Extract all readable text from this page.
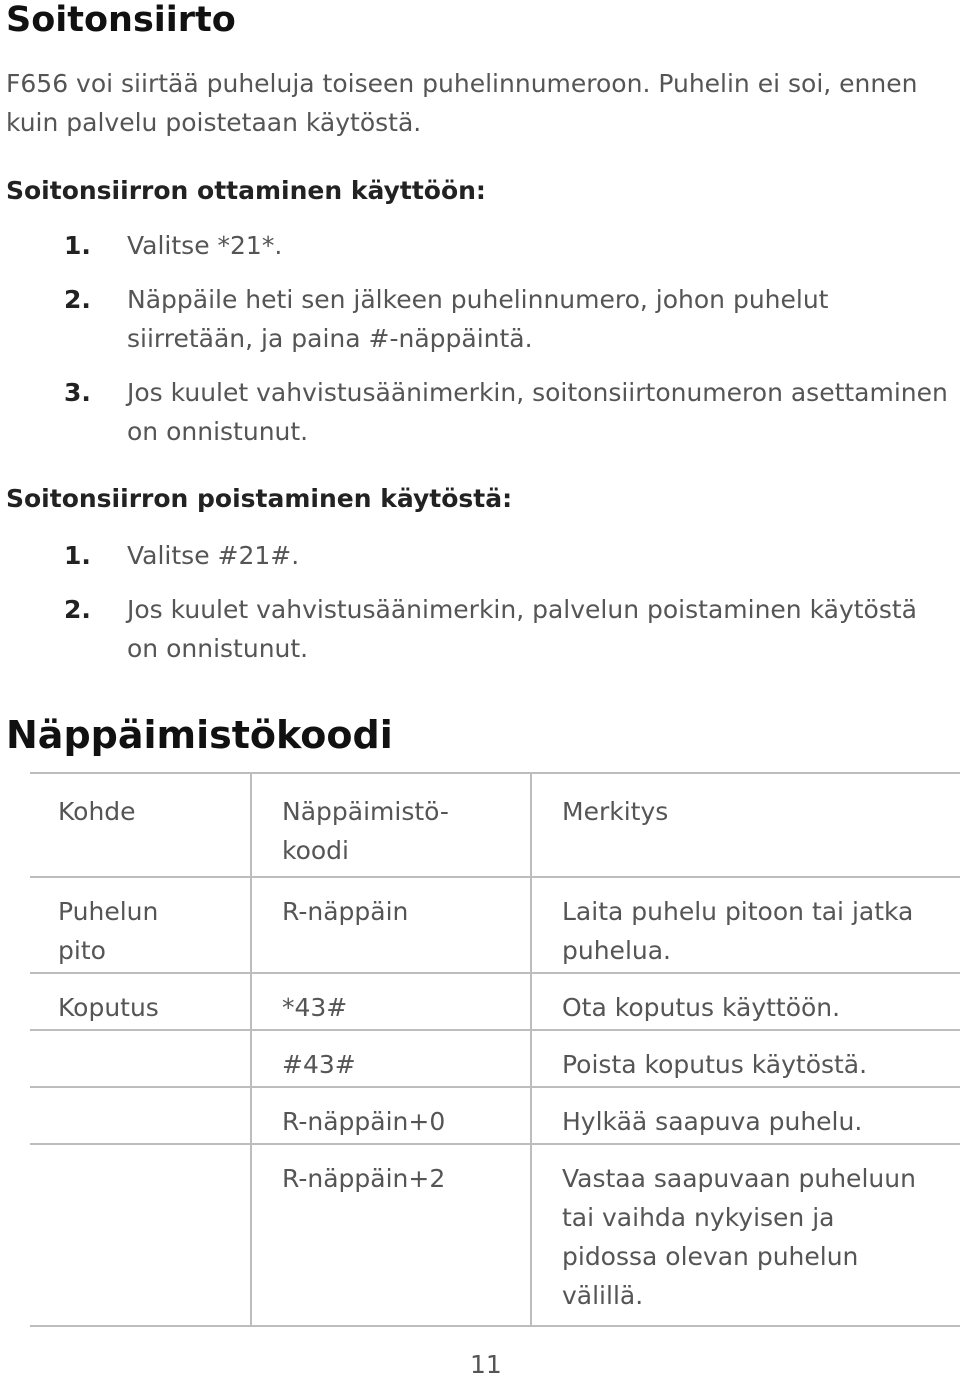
Soitonsiirto

F656 voi siirtää puheluja toiseen puhelinnumeroon. Puhelin ei soi, ennen kuin palvelu poistetaan käytöstä.

Soitonsiirron ottaminen käyttöön:

1.	Valitse *21*.
2.	Näppäile heti sen jälkeen puhelinnumero, johon puhelut siirretään, ja paina #-näppäintä.
3.	Jos kuulet vahvistusäänimerkin, soitonsiirtonumeron asettaminen on onnistunut.

Soitonsiirron poistaminen käytöstä:

1.	Valitse #21#.
2.	Jos kuulet vahvistusäänimerkin, palvelun poistaminen käytöstä on onnistunut.
Näppäimistökoodi
Kohde	Näppäimistö-koodi	Merkitys

Puhelun pito	R-näppäin	Laita puhelu pitoon tai jatka puhelua.
Koputus	*43#	Ota koputus käyttöön.
	#43#	Poista koputus käytöstä.
	R-näppäin+0	Hylkää saapuva puhelu.
	R-näppäin+2	Vastaa saapuvaan puheluun tai vaihda nykyisen ja pidossa olevan puhelun välillä.
11
